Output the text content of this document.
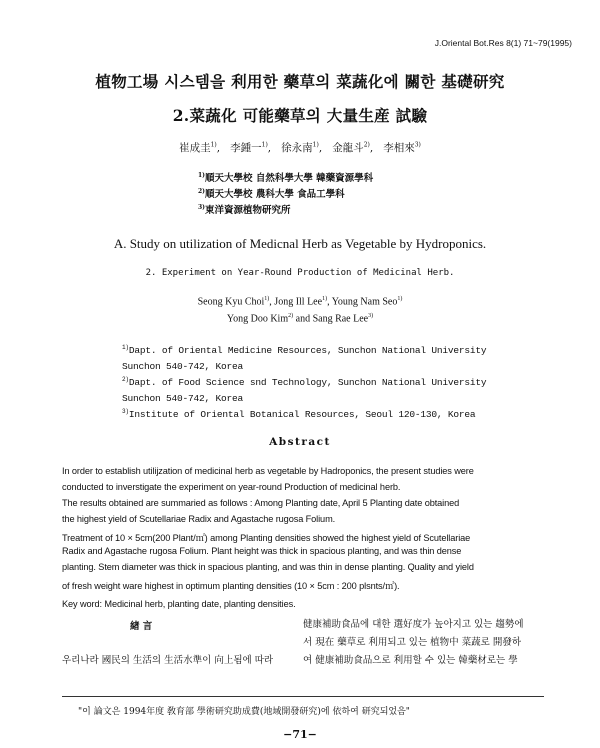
J.Oriental Bot.Res 8(1) 71~79(1995)
植物工場 시스템을 利用한 藥草의 菜蔬化에 關한 基礎研究
2.菜蔬化 可能藥草의 大量生産 試驗
崔成圭$^{1)}$, 李鍾一$^{1)}$, 徐永南$^{1)}$, 金龍斗$^{2)}$, 李相來$^{3)}$
$^{1)}$順天大學校 自然科學大學 韓藥資源學科
$^{2)}$順天大學校 農科大學 食品工學科
$^{3)}$東洋資源植物研究所
A. Study on utilization of Medicnal Herb as Vegetable by Hydroponics.
2. Experiment on Year-Round Production of Medicinal Herb.
Seong Kyu Choi$^{1)}$, Jong Ill Lee$^{1)}$, Young Nam Seo$^{1)}$
Yong Doo Kim$^{2)}$ and Sang Rae Lee$^{3)}$
$^{1)}$Dapt. of Oriental Medicine Resources, Sunchon National University
Sunchon 540-742, Korea
$^{2)}$Dapt. of Food Science snd Technology, Sunchon National University
Sunchon 540-742, Korea
$^{3)}$Institute of Oriental Botanical Resources, Seoul 120-130, Korea
Abstract
In order to establish utilijzation of medicinal herb as vegetable by Hadroponics, the present studies were
conducted to inverstigate the experiment on year-round Production of medicinal herb.
The results obtained are summaried as follows : Among Planting date, April 5 Planting date obtained
the highest yield of Scutellariae Radix and Agastache rugosa Folium.
Treatment of 10 × 5cm(200 Plant/㎡) among Planting densities showed the highest yield of Scutellariae
Radix and Agastache rugosa Folium. Plant height was thick in spacious planting, and was thin dense
planting. Stem diameter was thick in spacious planting, and was thin in dense planting. Quality and yield
of fresh weight ware highest in optimum planting densities (10 × 5cm : 200 plsnts/㎡).
Key word: Medicinal herb, planting date, planting densities.
緖 言
우리나라 國民의 生活의 生活水準이 向上됨에 따라
健康補助食品에 대한 選好度가 높아지고 있는 趨勢에
서 現在 藥草로 利用되고 있는 植物中 菜蔬로 開發하
여 健康補助食品으로 利用할 수 있는 韓藥材로는 學
"이 論文은 1994年度 敎育部 學術研究助成費(地域開發研究)에 依하여 研究되었음"
−71−
